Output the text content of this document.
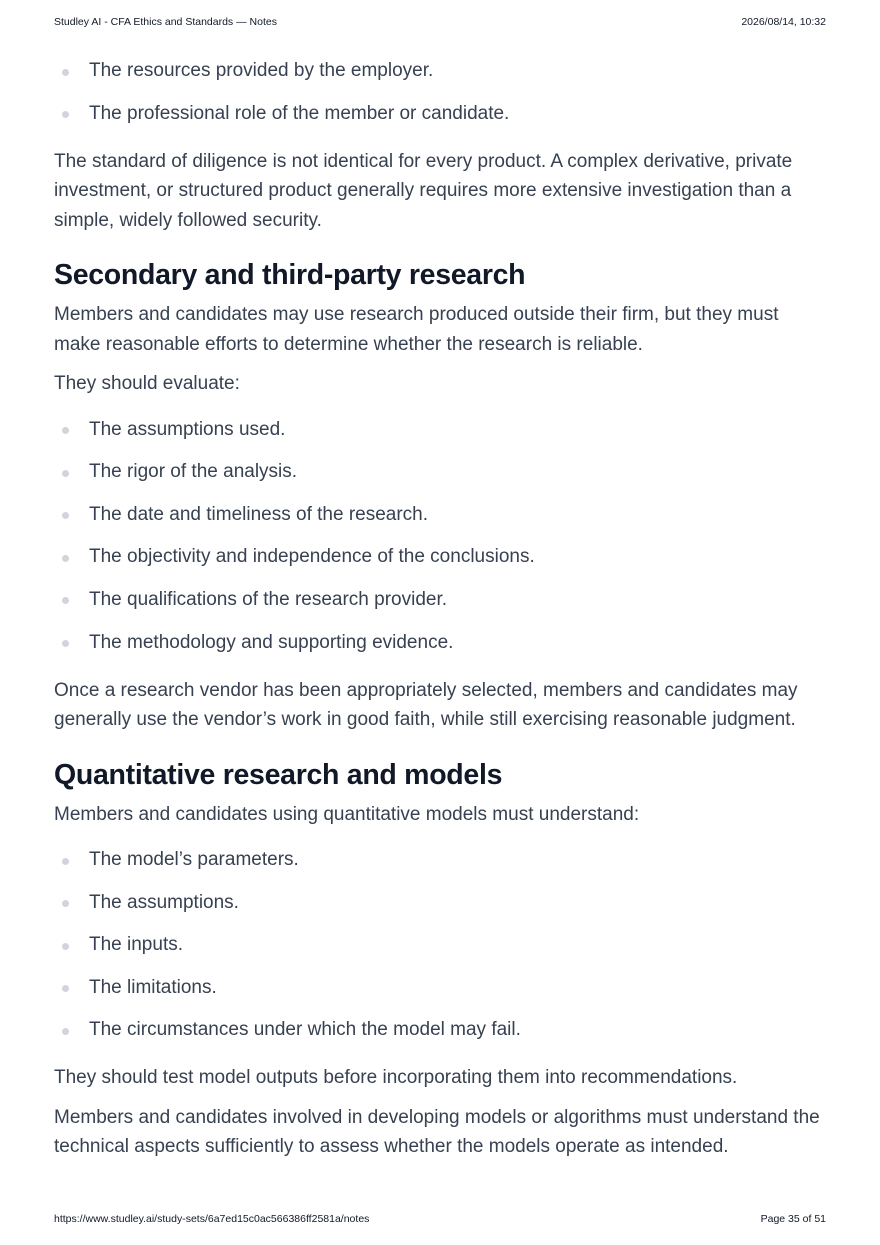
Studley AI - CFA Ethics and Standards — Notes	2026/08/14, 10:32
The resources provided by the employer.
The professional role of the member or candidate.

The standard of diligence is not identical for every product. A complex derivative, private investment, or structured product generally requires more extensive investigation than a simple, widely followed security.

Secondary and third-party research

Members and candidates may use research produced outside their firm, but they must make reasonable efforts to determine whether the research is reliable.

They should evaluate:

The assumptions used.
The rigor of the analysis.
The date and timeliness of the research.
The objectivity and independence of the conclusions.
The qualifications of the research provider.
The methodology and supporting evidence.

Once a research vendor has been appropriately selected, members and candidates may generally use the vendor’s work in good faith, while still exercising reasonable judgment.

Quantitative research and models

Members and candidates using quantitative models must understand:

The model’s parameters.
The assumptions.
The inputs.
The limitations.
The circumstances under which the model may fail.

They should test model outputs before incorporating them into recommendations.

Members and candidates involved in developing models or algorithms must understand the technical aspects sufficiently to assess whether the models operate as intended.

https://www.studley.ai/study-sets/6a7ed15c0ac566386ff2581a/notes	Page 35 of 51
